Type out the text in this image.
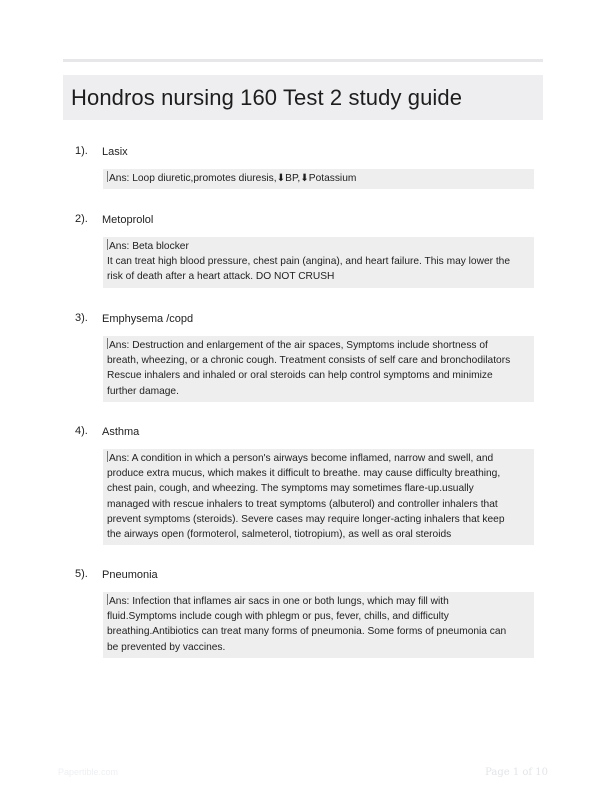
Hondros nursing 160 Test 2 study guide
1). Lasix
Ans: Loop diuretic,promotes diuresis,⬇BP,⬇Potassium
2). Metoprolol
Ans: Beta blocker
It can treat high blood pressure, chest pain (angina), and heart failure. This may lower the
risk of death after a heart attack. DO NOT CRUSH
3). Emphysema /copd
Ans: Destruction and enlargement of the air spaces, Symptoms include shortness of
breath, wheezing, or a chronic cough. Treatment consists of self care and bronchodilators
Rescue inhalers and inhaled or oral steroids can help control symptoms and minimize
further damage.
4). Asthma
Ans: A condition in which a person's airways become inflamed, narrow and swell, and
produce extra mucus, which makes it difficult to breathe. may cause difficulty breathing,
chest pain, cough, and wheezing. The symptoms may sometimes flare-up.usually
managed with rescue inhalers to treat symptoms (albuterol) and controller inhalers that
prevent symptoms (steroids). Severe cases may require longer-acting inhalers that keep
the airways open (formoterol, salmeterol, tiotropium), as well as oral steroids
5). Pneumonia
Ans: Infection that inflames air sacs in one or both lungs, which may fill with
fluid.Symptoms include cough with phlegm or pus, fever, chills, and difficulty
breathing.Antibiotics can treat many forms of pneumonia. Some forms of pneumonia can
be prevented by vaccines.
Papertible.com	Page 1 of 10
